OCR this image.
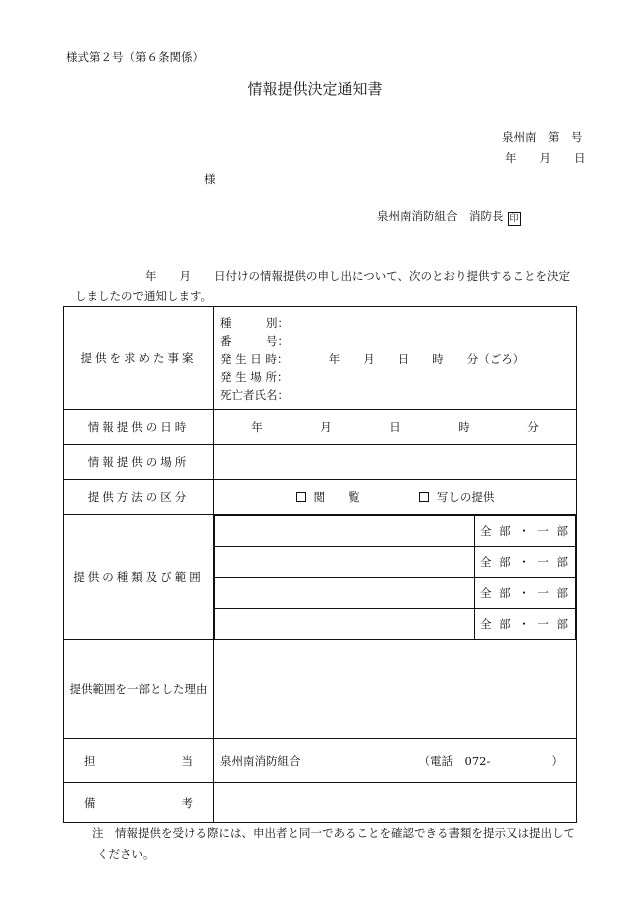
様式第２号（第６条関係）
情報提供決定通知書
泉州南　第　号
年　　月　　日
様
泉州南消防組合　消防長 印
年　　月　　日付けの情報提供の申し出について、次のとおり提供することを決定
しましたので通知します。
提供を求めた事案	
種　　　別：
番　　　号：
発 生 日 時：　　　　年　　月　　日　　時　　分（ごろ）
発 生 場 所：
死亡者氏名：

情報提供の日時	年　　　　　月　　　　　日　　　　　時　　　　　分
情報提供の場所	
提供方法の区分	閲　　覧	写しの提供
提供の種類及び範囲	
	全 部 ・ 一 部
	全 部 ・ 一 部
	全 部 ・ 一 部
	全 部 ・ 一 部

提供範囲を一部とした理由	

担	当	泉州南消防組合	（電話　072-	）

備	考

注　情報提供を受ける際には、申出者と同一であることを確認できる書類を提示又は提出して
ください。
